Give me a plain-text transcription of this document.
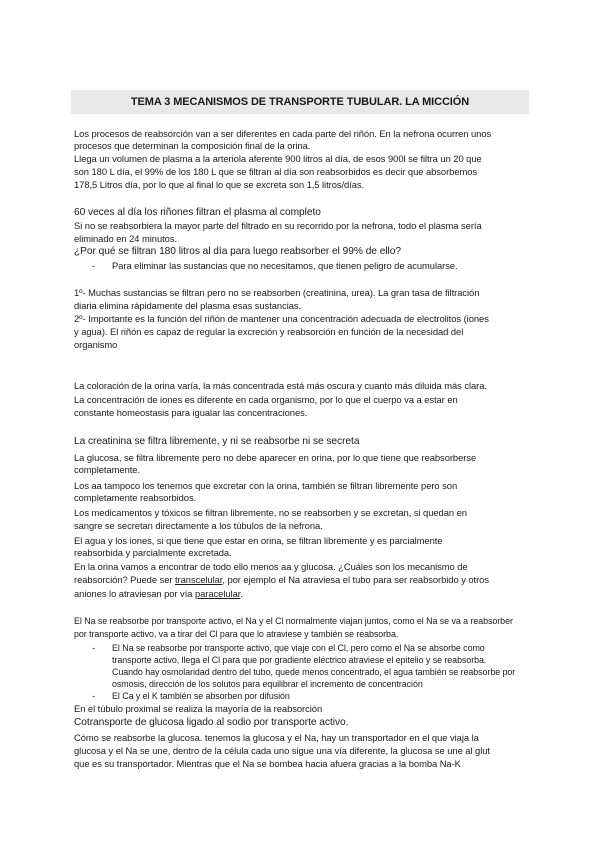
TEMA 3 MECANISMOS DE TRANSPORTE TUBULAR. LA MICCIÓN
Los procesos de reabsorción van a ser diferentes en cada parte del riñón. En la nefrona ocurren unos
procesos que determinan la composición final de la orina.
Llega un volumen de plasma a la arteriola aferente 900 litros al día, de esos 900l se filtra un 20 que
son 180 L día, el 99% de los 180 L que se filtran al día son reabsorbidos es decir que absorbemos
178,5 Litros día, por lo que al final lo que se excreta son 1,5 litros/días.
60 veces al día los riñones filtran el plasma al completo
Si no se reabsorbiera la mayor parte del filtrado en su recorrido por la nefrona, todo el plasma sería
eliminado en 24 minutos.
¿Por qué se filtran 180 litros al día para luego reabsorber el 99% de ello?
- Para eliminar las sustancias que no necesitamos, que tienen peligro de acumularse.
1º- Muchas sustancias se filtran pero no se reabsorben (creatinina, urea). La gran tasa de filtración
diaria elimina rápidamente del plasma esas sustancias.
2º- Importante es la función del riñón de mantener una concentración adecuada de electrolitos (iones
y agua). El riñón es capaz de regular la excreción y reabsorción en función de la necesidad del
organismo
La coloración de la orina varía, la más concentrada está más oscura y cuanto más diluida más clara.
La concentración de iones es diferente en cada organismo, por lo que el cuerpo va a estar en
constante homeostasis para igualar las concentraciones.
La creatinina se filtra libremente, y ni se reabsorbe ni se secreta
La glucosa, se filtra libremente pero no debe aparecer en orina, por lo que tiene que reabsorberse
completamente.
Los aa tampoco los tenemos que excretar con la orina, también se filtran libremente pero son
completamente reabsorbidos.
Los medicamentos y tóxicos se filtran libremente, no se reabsorben y se excretan, si quedan en
sangre se secretan directamente a los túbulos de la nefrona.
El agua y los iones, si que tiene que estar en orina, se filtran libremente y es parcialmente
reabsorbida y parcialmente excretada.
En la orina vamos a encontrar de todo ello menos aa y glucosa. ¿Cuáles son los mecanismo de
reabsorción? Puede ser transcelular, por ejemplo el Na atraviesa el tubo para ser reabsorbido y otros
aniones lo atraviesan por vía paracelular.
El Na se reabsorbe por transporte activo, el Na y el Cl normalmente viajan juntos, como el Na se va a reabsorber
por transporte activo, va a tirar del Cl para que lo atraviese y también se reabsorba.
- El Na se reabsorbe por transporte activo, que viaje con el Cl, pero como el Na se absorbe como
transporte activo, llega el Cl para que por gradiente eléctrico atraviese el epitelio y se reabsorba.
Cuando hay osmolaridad dentro del tubo, quede menos concentrado, el agua también se reabsorbe por
osmosis, dirección de los solutos para equilibrar el incremento de concentración
- El Ca y el K también se absorben por difusión
En el túbulo proximal se realiza la mayoría de la reabsorción
Cotransporte de glucosa ligado al sodio por transporte activo.
Cómo se reabsorbe la glucosa. tenemos la glucosa y el Na, hay un transportador en el que viaja la
glucosa y el Na se une, dentro de la célula cada uno sigue una vía diferente, la glucosa se une al glut
que es su transportador. Mientras que el Na se bombea hacia afuera gracias a la bomba Na-K
